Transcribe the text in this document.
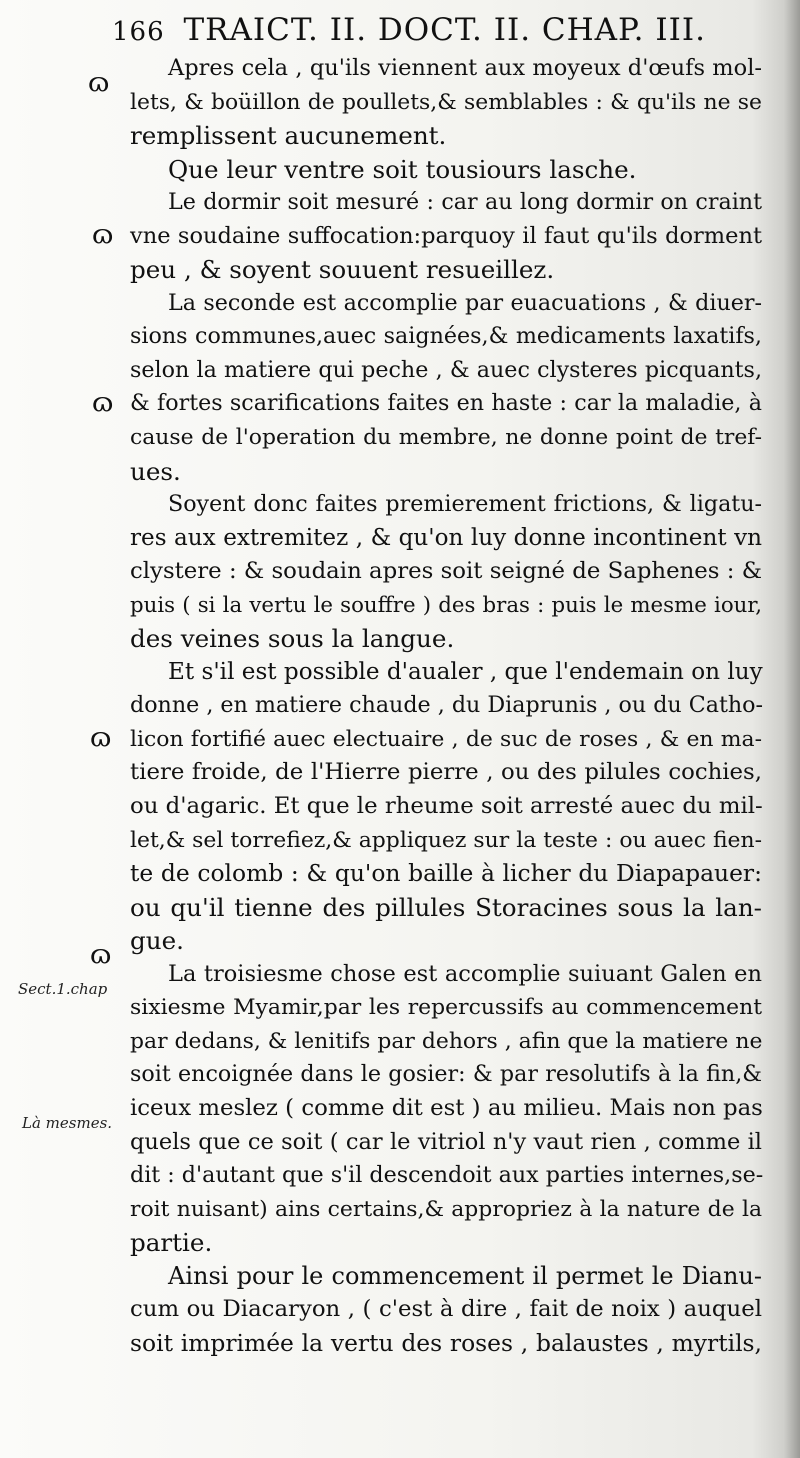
166 TRAICT. II. DOCT. II. CHAP. III.
ɷ
ɷ
ɷ
ɷ
ɷ
Sect.1.chap
Là mesmes.
Apres cela , qu'ils viennent aux moyeux d'œufs mol-
lets, & boüillon de poullets,& semblables : & qu'ils ne se
remplissent aucunement.
Que leur ventre soit tousiours lasche.
Le dormir soit mesuré : car au long dormir on craint
vne soudaine suffocation:parquoy il faut qu'ils dorment
peu , & soyent souuent resueillez.
La seconde est accomplie par euacuations , & diuer-
sions communes,auec saignées,& medicaments laxatifs,
selon la matiere qui peche , & auec clysteres picquants,
& fortes scarifications faites en haste : car la maladie, à
cause de l'operation du membre, ne donne point de tref-
ues.
Soyent donc faites premierement frictions, & ligatu-
res aux extremitez , & qu'on luy donne incontinent vn
clystere : & soudain apres soit seigné de Saphenes : &
puis ( si la vertu le souffre ) des bras : puis le mesme iour,
des veines sous la langue.
Et s'il est possible d'aualer , que l'endemain on luy
donne , en matiere chaude , du Diaprunis , ou du Catho-
licon fortifié auec electuaire , de suc de roses , & en ma-
tiere froide, de l'Hierre pierre , ou des pilules cochies,
ou d'agaric. Et que le rheume soit arresté auec du mil-
let,& sel torrefiez,& appliquez sur la teste : ou auec fien-
te de colomb : & qu'on baille à licher du Diapapauer:
ou qu'il tienne des pillules Storacines sous la lan-
gue.
La troisiesme chose est accomplie suiuant Galen en
sixiesme Myamir,par les repercussifs au commencement
par dedans, & lenitifs par dehors , afin que la matiere ne
soit encoignée dans le gosier: & par resolutifs à la fin,&
iceux meslez ( comme dit est ) au milieu. Mais non pas
quels que ce soit ( car le vitriol n'y vaut rien , comme il
dit : d'autant que s'il descendoit aux parties internes,se-
roit nuisant) ains certains,& appropriez à la nature de la
partie.
Ainsi pour le commencement il permet le Dianu-
cum ou Diacaryon , ( c'est à dire , fait de noix ) auquel
soit imprimée la vertu des roses , balaustes , myrtils,
